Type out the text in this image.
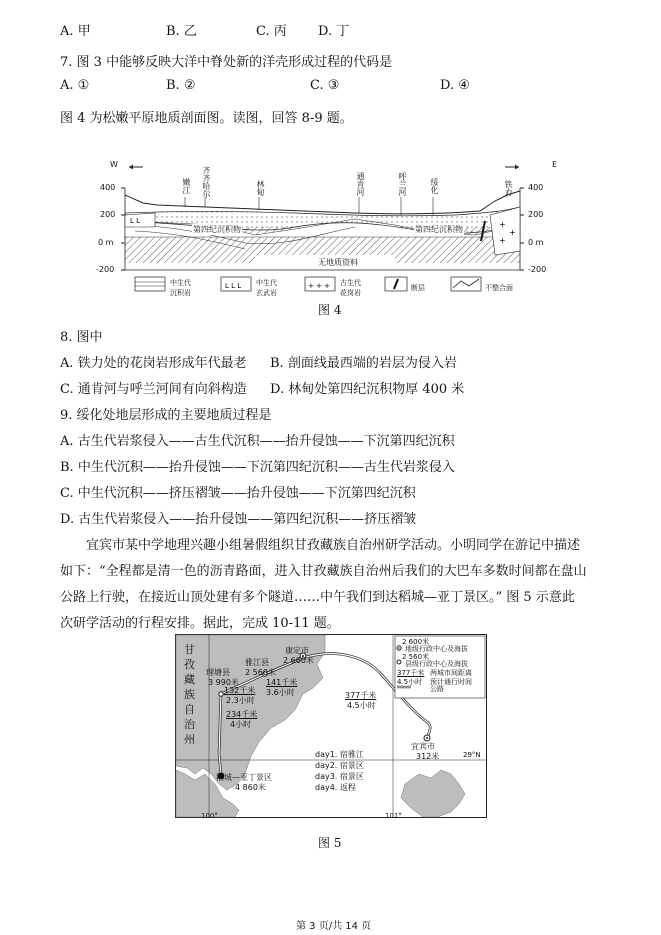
A. 甲	B. 乙	C. 丙 D. 丁
7. 图 3 中能够反映大洋中脊处新的洋壳形成过程的代码是
A. ①	B. ②	C. ③	D. ④
图 4 为松嫩平原地质剖面图。读图，回答 8-9 题。
+
+
+
L L
L L L	+ + +
W	E
400
200
0 m
-200
400
200
0 m
-200
嫩江 齐齐哈尔	林甸	通肯河	呼兰河	绥化	铁力
第四纪沉积物	第四纪沉积物
无地质资料
中生代
沉积岩
中生代
玄武岩
古生代
花岗岩
断层	不整合面
图 4
8. 图中
A. 铁力处的花岗岩形成年代最老 B. 剖面线最西端的岩层为侵入岩
C. 通肯河与呼兰河间有向斜构造 D. 林甸处第四纪沉积物厚 400 米
9. 绥化处地层形成的主要地质过程是
A. 古生代岩浆侵入——古生代沉积——抬升侵蚀——下沉第四纪沉积
B. 中生代沉积——抬升侵蚀——下沉第四纪沉积——古生代岩浆侵入
C. 中生代沉积——挤压褶皱——抬升侵蚀——下沉第四纪沉积
D. 古生代岩浆侵入——抬升侵蚀——第四纪沉积——挤压褶皱
宜宾市某中学地理兴趣小组暑假组织甘孜藏族自治州研学活动。小明同学在游记中描述
如下：“全程都是清一色的沥青路面，进入甘孜藏族自治州后我们的大巴车多数时间都在盘山
公路上行驶，在接近山顶处建有多个隧道……中午我们到达稻城—亚丁景区。” 图 5 示意此
次研学活动的行程安排。据此，完成 10-11 题。
甘
孜
藏
族
自
治
州
理塘县
3 990米
雅江县
2 560米
康定市
2 660米
132千米
2.3小时
141千米
3.6小时
234千米
4小时
377千米
4.5小时
宜宾市
312米
稻城—亚丁景区
4 860米
2 600米
地级行政中心及海拔
2 560米
县级行政中心及海拔
377千米 两城市间距离
4.5小时 预计通行时间
公路
day1. 宿雅江
day2. 宿景区
day3. 宿景区
day4. 返程
29°N
100°	101°
图 5
第 3 页/共 14 页
